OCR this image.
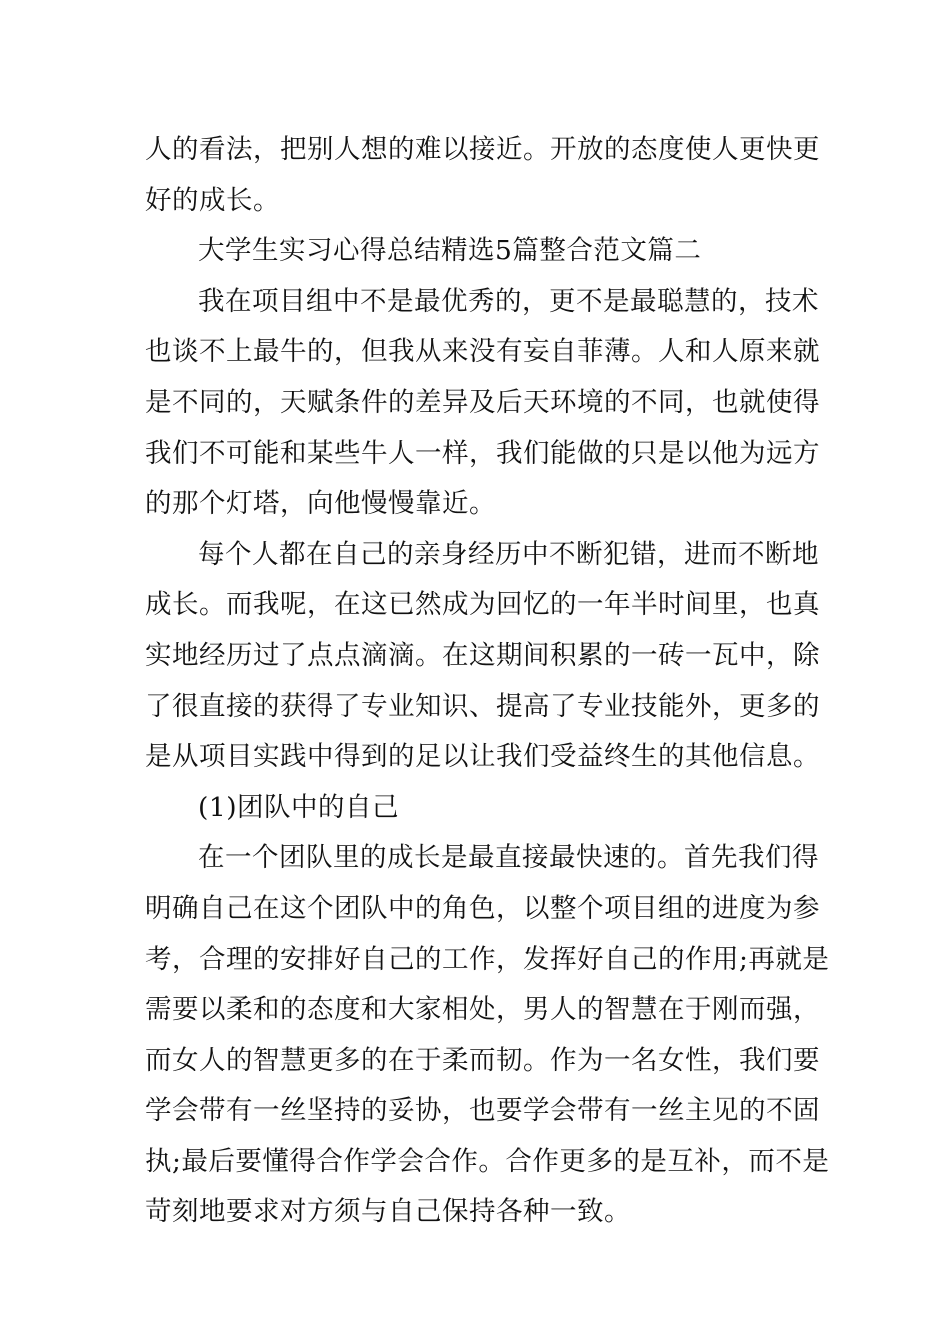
人的看法，把别人想的难以接近。开放的态度使人更快更
好的成长。
大学生实习心得总结精选5篇整合范文篇二
我在项目组中不是最优秀的，更不是最聪慧的，技术
也谈不上最牛的，但我从来没有妄自菲薄。人和人原来就
是不同的，天赋条件的差异及后天环境的不同，也就使得
我们不可能和某些牛人一样，我们能做的只是以他为远方
的那个灯塔，向他慢慢靠近。
每个人都在自己的亲身经历中不断犯错，进而不断地
成长。而我呢，在这已然成为回忆的一年半时间里，也真
实地经历过了点点滴滴。在这期间积累的一砖一瓦中，除
了很直接的获得了专业知识、提高了专业技能外，更多的
是从项目实践中得到的足以让我们受益终生的其他信息。
(1)团队中的自己
在一个团队里的成长是最直接最快速的。首先我们得
明确自己在这个团队中的角色，以整个项目组的进度为参
考，合理的安排好自己的工作，发挥好自己的作用;再就是
需要以柔和的态度和大家相处，男人的智慧在于刚而强，
而女人的智慧更多的在于柔而韧。作为一名女性，我们要
学会带有一丝坚持的妥协，也要学会带有一丝主见的不固
执;最后要懂得合作学会合作。合作更多的是互补，而不是
苛刻地要求对方须与自己保持各种一致。
